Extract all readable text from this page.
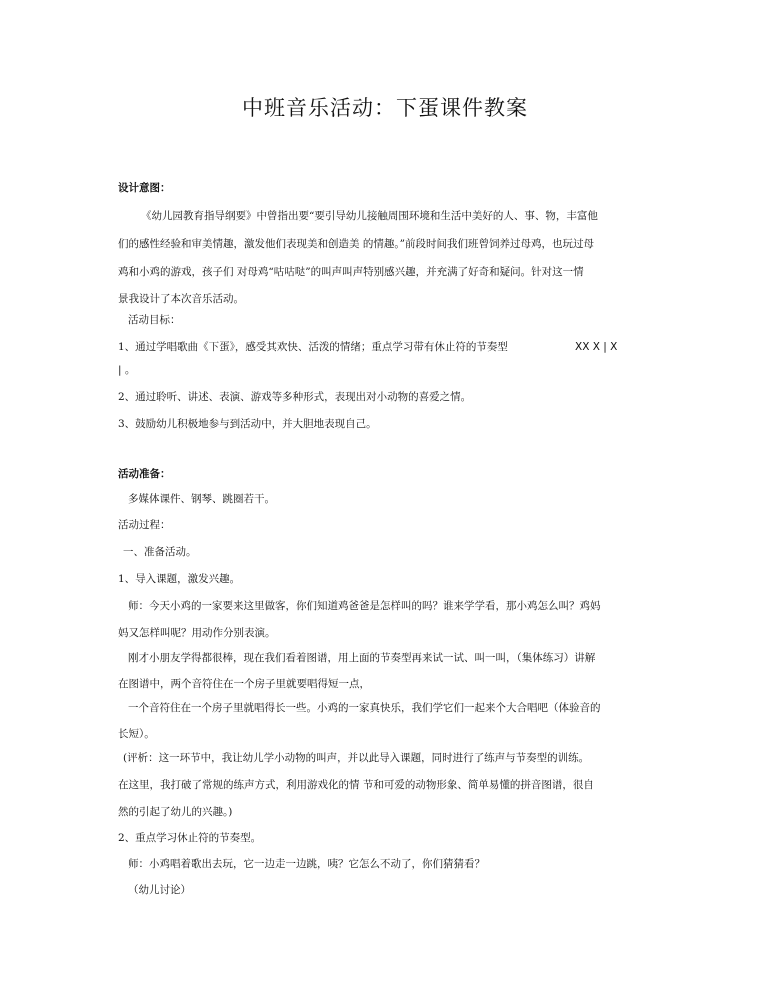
中班音乐活动：下蛋课件教案
设计意图：
《幼儿园教育指导纲要》中曾指出要“要引导幼儿接触周围环境和生活中美好的人、事、物，丰富他
们的感性经验和审美情趣，激发他们表现美和创造美 的情趣。”前段时间我们班曾饲养过母鸡，也玩过母
鸡和小鸡的游戏，孩子们 对母鸡“咕咕哒”的叫声叫声特别感兴趣，并充满了好奇和疑问。针对这一情
景我设计了本次音乐活动。
活动目标：
1、通过学唱歌曲《下蛋》，感受其欢快、活泼的情绪；重点学习带有休止符的节奏型	XX X | X
| 。
2、通过聆听、讲述、表演、游戏等多种形式，表现出对小动物的喜爱之情。
3、鼓励幼儿积极地参与到活动中，并大胆地表现自己。
活动准备：
多媒体课件、钢琴、跳圈若干。
活动过程：
一、准备活动。
1、导入课题，激发兴趣。
师：今天小鸡的一家要来这里做客，你们知道鸡爸爸是怎样叫的吗？谁来学学看，那小鸡怎么叫？鸡妈
妈又怎样叫呢？用动作分别表演。
刚才小朋友学得都很棒，现在我们看着图谱，用上面的节奏型再来试一试、叫一叫，（集体练习）讲解
在图谱中，两个音符住在一个房子里就要唱得短一点，
一个音符住在一个房子里就唱得长一些。小鸡的一家真快乐，我们学它们一起来个大合唱吧（体验音的
长短）。
(评析：这一环节中，我让幼儿学小动物的叫声，并以此导入课题，同时进行了练声与节奏型的训练。
在这里，我打破了常规的练声方式，利用游戏化的情 节和可爱的动物形象、简单易懂的拼音图谱，很自
然的引起了幼儿的兴趣。)
2、重点学习休止符的节奏型。
师：小鸡唱着歌出去玩，它一边走一边跳，咦？它怎么不动了，你们猜猜看？
（幼儿讨论）
